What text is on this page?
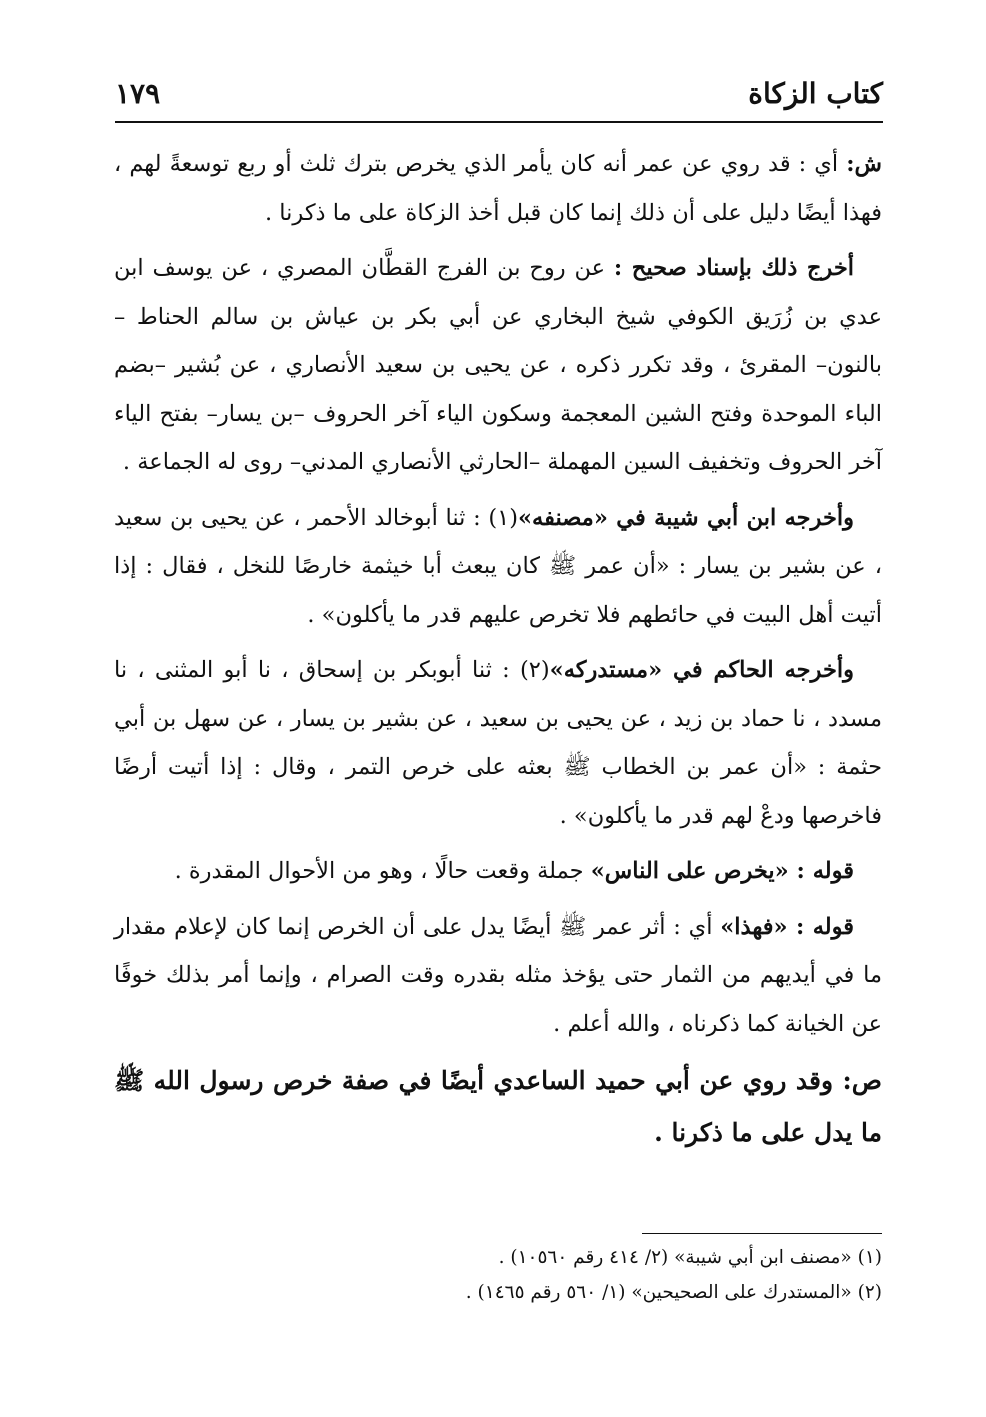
١٧٩	كتاب الزكاة

ش: أي : قد روي عن عمر أنه كان يأمر الذي يخرص بترك ثلث أو ربع توسعةً لهم ، فهذا أيضًا دليل على أن ذلك إنما كان قبل أخذ الزكاة على ما ذكرنا .

أخرج ذلك بإسناد صحيح : عن روح بن الفرج القطَّان المصري ، عن يوسف ابن عدي بن زُرَيق الكوفي شيخ البخاري عن أبي بكر بن عياش بن سالم الحناط – بالنون– المقرئ ، وقد تكرر ذكره ، عن يحيى بن سعيد الأنصاري ، عن بُشير –بضم الباء الموحدة وفتح الشين المعجمة وسكون الياء آخر الحروف –بن يسار– بفتح الياء آخر الحروف وتخفيف السين المهملة –الحارثي الأنصاري المدني– روى له الجماعة .

وأخرجه ابن أبي شيبة في «مصنفه»(١) : ثنا أبوخالد الأحمر ، عن يحيى بن سعيد ، عن بشير بن يسار : «أن عمر ﷺ كان يبعث أبا خيثمة خارصًا للنخل ، فقال : إذا أتيت أهل البيت في حائطهم فلا تخرص عليهم قدر ما يأكلون» .

وأخرجه الحاكم في «مستدركه»(٢) : ثنا أبوبكر بن إسحاق ، نا أبو المثنى ، نا مسدد ، نا حماد بن زيد ، عن يحيى بن سعيد ، عن بشير بن يسار ، عن سهل بن أبي حثمة : «أن عمر بن الخطاب ﷺ بعثه على خرص التمر ، وقال : إذا أتيت أرضًا فاخرصها ودعْ لهم قدر ما يأكلون» .

قوله : «يخرص على الناس» جملة وقعت حالًا ، وهو من الأحوال المقدرة .

قوله : «فهذا» أي : أثر عمر ﷺ أيضًا يدل على أن الخرص إنما كان لإعلام مقدار ما في أيديهم من الثمار حتى يؤخذ مثله بقدره وقت الصرام ، وإنما أمر بذلك خوفًا عن الخيانة كما ذكرناه ، والله أعلم .

ص: وقد روي عن أبي حميد الساعدي أيضًا في صفة خرص رسول الله ﷺ ما يدل على ما ذكرنا .

(١) «مصنف ابن أبي شيبة» (٢/ ٤١٤ رقم ١٠٥٦٠) .

(٢) «المستدرك على الصحيحين» (١/ ٥٦٠ رقم ١٤٦٥) .
